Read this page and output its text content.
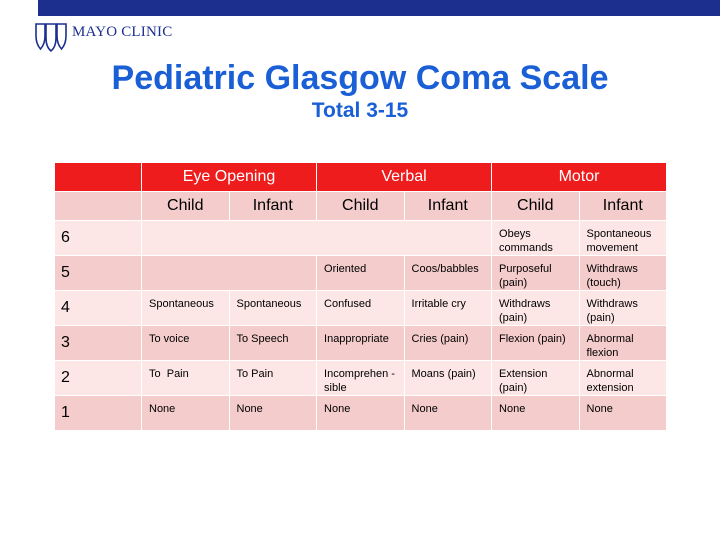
MAYO CLINIC
Pediatric Glasgow Coma Scale
Total 3-15
	Eye Opening		Verbal		Motor	
	Child	Infant	Child	Infant	Child	Infant
6					Obeys commands	Spontaneous movement
5			Oriented	Coos/babbles	Purposeful (pain)	Withdraws (touch)
4	Spontaneous	Spontaneous	Confused	Irritable cry	Withdraws (pain)	Withdraws (pain)
3	To voice	To Speech	Inappropriate	Cries (pain)	Flexion (pain)	Abnormal flexion
2	To  Pain	To Pain	Incomprehen -sible	Moans (pain)	Extension (pain)	Abnormal extension
1	None	None	None	None	None	None
